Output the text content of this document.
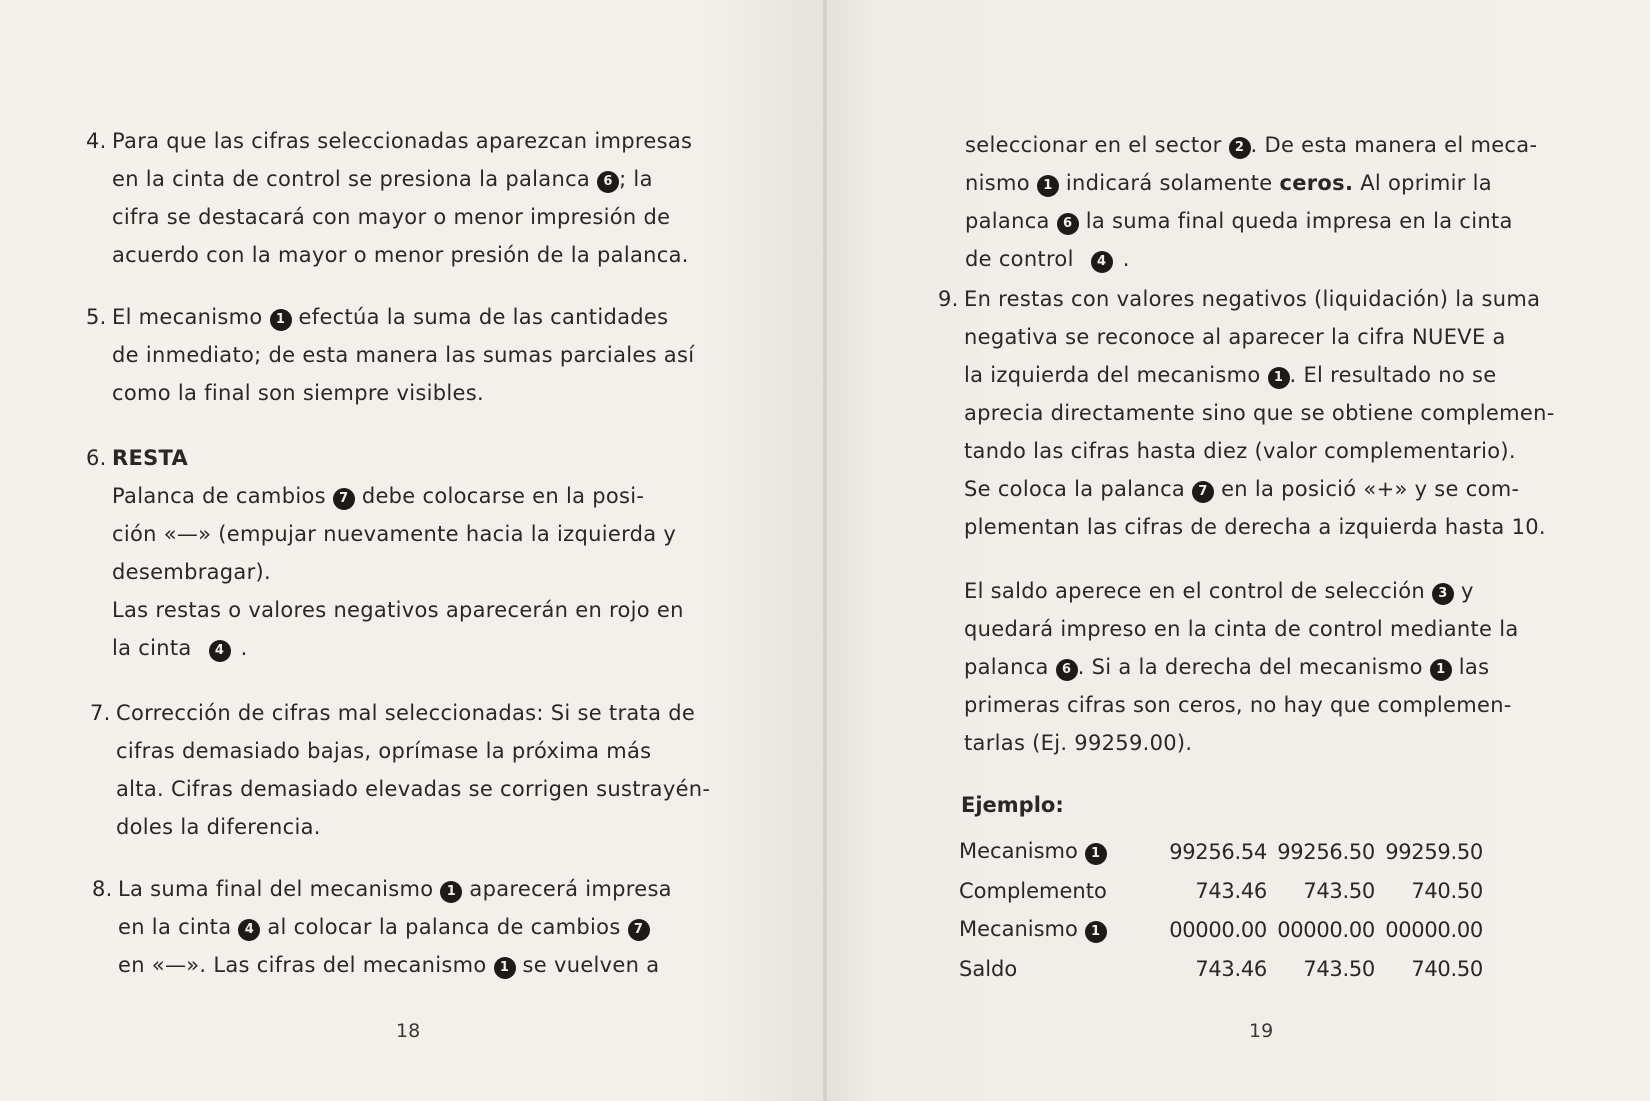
4. Para que las cifras seleccionadas aparezcan impresas
en la cinta de control se presiona la palanca 6 ; la
cifra se destacará con mayor o menor impresión de
acuerdo con la mayor o menor presión de la palanca.
5. El mecanismo 1 efectúa la suma de las cantidades
de inmediato; de esta manera las sumas parciales así
como la final son siempre visibles.
6. RESTA
Palanca de cambios 7 debe colocarse en la posi-
ción «—» (empujar nuevamente hacia la izquierda y
desembragar).
Las restas o valores negativos aparecerán en rojo en
la cinta 4 .
7. Corrección de cifras mal seleccionadas: Si se trata de
cifras demasiado bajas, oprímase la próxima más
alta. Cifras demasiado elevadas se corrigen sustrayén-
doles la diferencia.
8. La suma final del mecanismo 1 aparecerá impresa
en la cinta 4 al colocar la palanca de cambios 7
en «—». Las cifras del mecanismo 1 se vuelven a
18
seleccionar en el sector 2 . De esta manera el meca-
nismo 1 indicará solamente ceros. Al oprimir la
palanca 6 la suma final queda impresa en la cinta
de control 4 .
9. En restas con valores negativos (liquidación) la suma
negativa se reconoce al aparecer la cifra NUEVE a
la izquierda del mecanismo 1 . El resultado no se
aprecia directamente sino que se obtiene complemen-
tando las cifras hasta diez (valor complementario).
Se coloca la palanca 7 en la posició «+» y se com-
plementan las cifras de derecha a izquierda hasta 10.
El saldo aperece en el control de selección 3 y
quedará impreso en la cinta de control mediante la
palanca 6 . Si a la derecha del mecanismo 1 las
primeras cifras son ceros, no hay que complemen-
tarlas (Ej. 99259.00).
Ejemplo:
Mecanismo 1	99256.54	99256.50	99259.50
Complemento	743.46	743.50	740.50
Mecanismo 1	00000.00	00000.00	00000.00
Saldo	743.46	743.50	740.50
19
